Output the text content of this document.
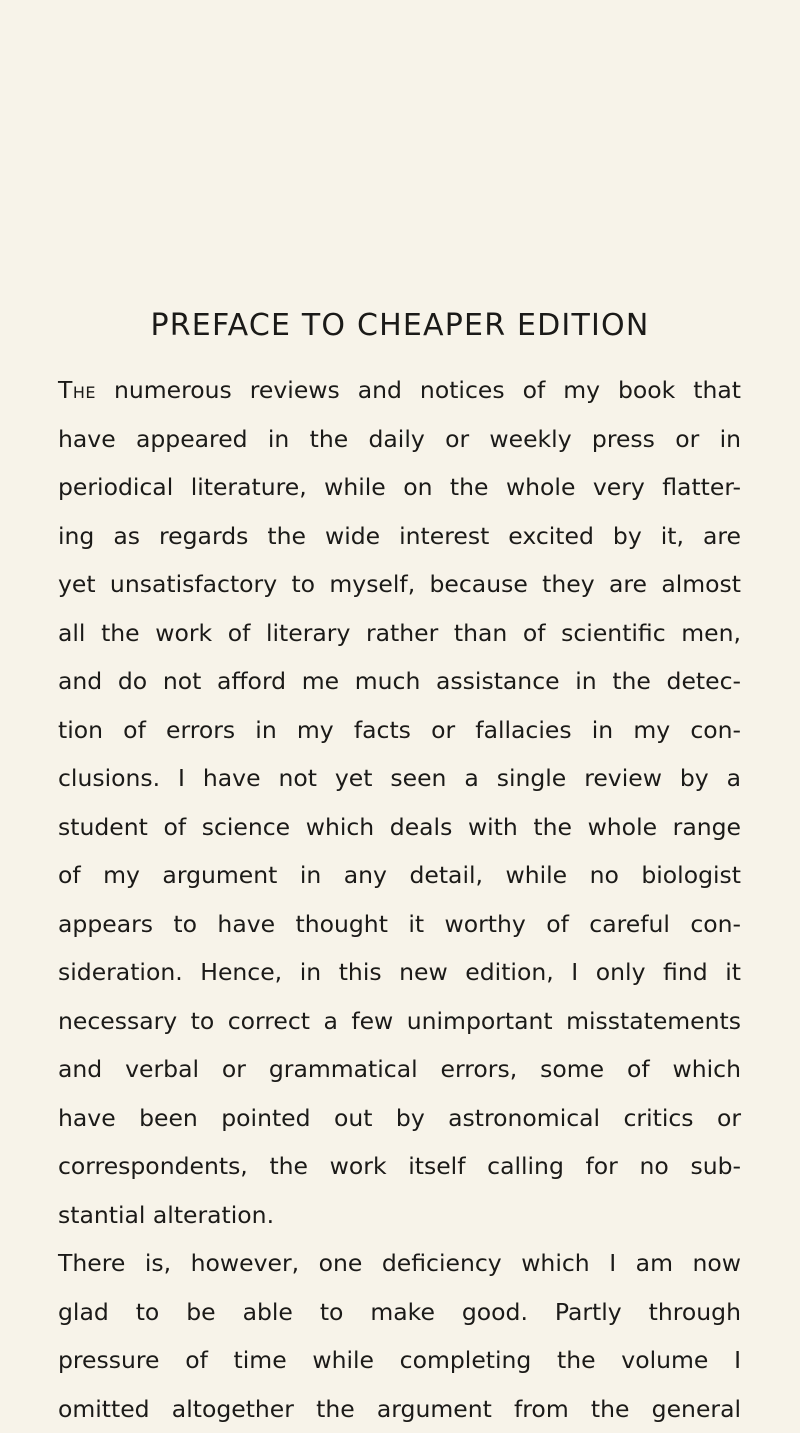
PREFACE TO CHEAPER EDITION
The numerous reviews and notices of my book that
have appeared in the daily or weekly press or in
periodical literature, while on the whole very flatter-
ing as regards the wide interest excited by it, are
yet unsatisfactory to myself, because they are almost
all the work of literary rather than of scientific men,
and do not afford me much assistance in the detec-
tion of errors in my facts or fallacies in my con-
clusions. I have not yet seen a single review by a
student of science which deals with the whole range
of my argument in any detail, while no biologist
appears to have thought it worthy of careful con-
sideration. Hence, in this new edition, I only find it
necessary to correct a few unimportant misstatements
and verbal or grammatical errors, some of which
have been pointed out by astronomical critics or
correspondents, the work itself calling for no sub-
stantial alteration.
There is, however, one deficiency which I am now
glad to be able to make good. Partly through
pressure of time while completing the volume I
omitted altogether the argument from the general
